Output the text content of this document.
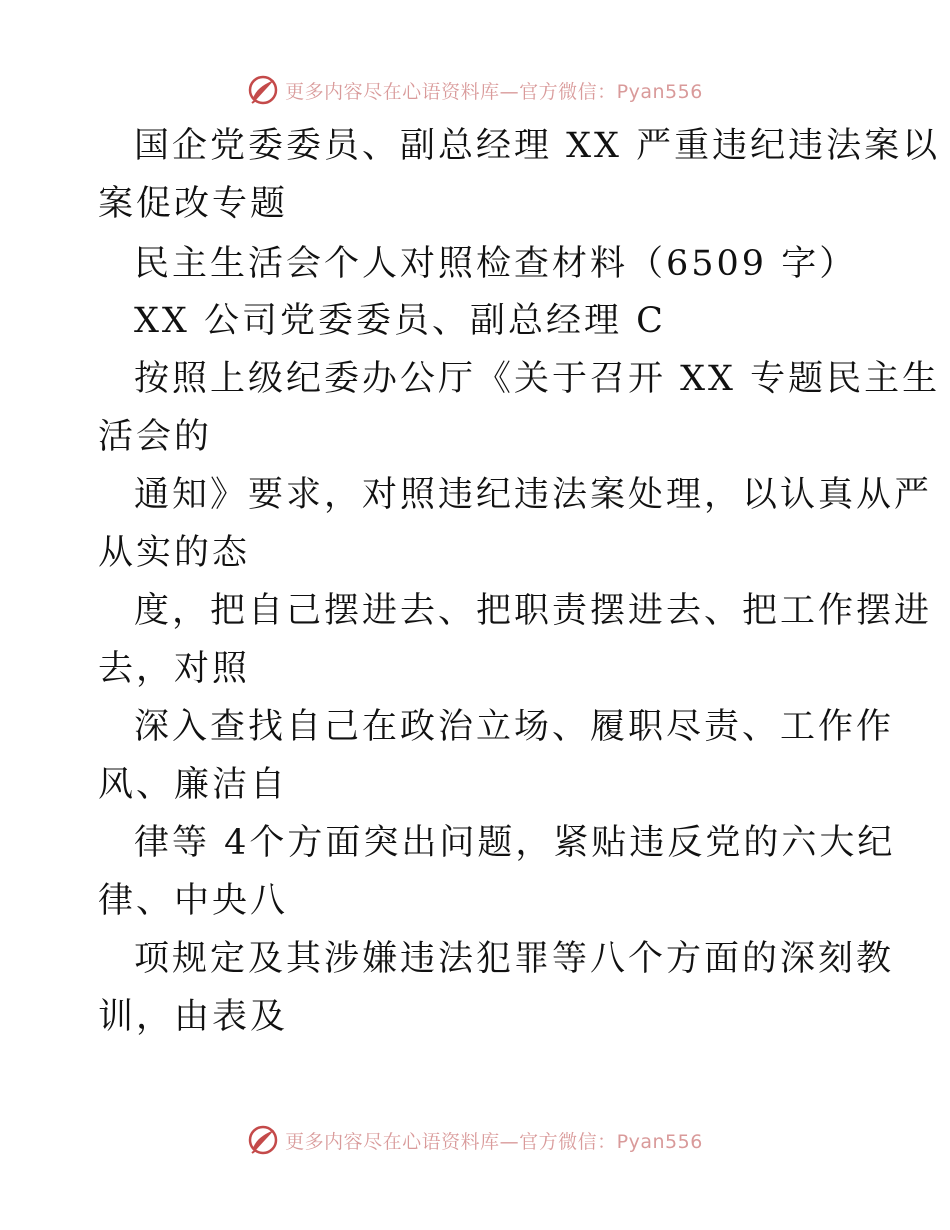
更多内容尽在心语资料库—官方微信：Pyan556
国企党委委员、副总经理 XX 严重违纪违法案以
案促改专题
民主生活会个人对照检查材料（6509 字）
XX 公司党委委员、副总经理 C
按照上级纪委办公厅《关于召开 XX 专题民主生
活会的
通知》要求，对照违纪违法案处理，以认真从严
从实的态
度，把自己摆进去、把职责摆进去、把工作摆进
去，对照
深入查找自己在政治立场、履职尽责、工作作
风、廉洁自
律等 4个方面突出问题，紧贴违反党的六大纪
律、中央八
项规定及其涉嫌违法犯罪等八个方面的深刻教
训，由表及
更多内容尽在心语资料库—官方微信：Pyan556
